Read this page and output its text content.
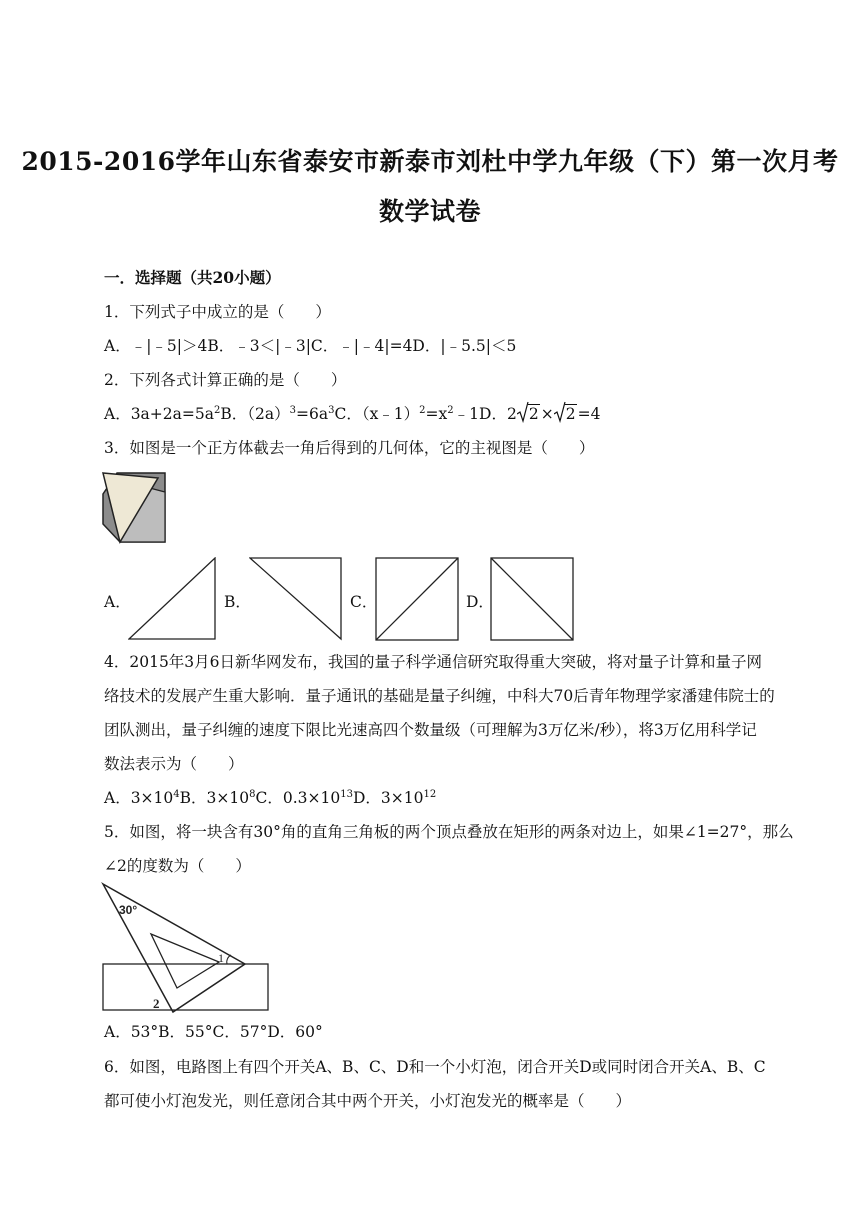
2015-2016学年山东省泰安市新泰市刘杜中学九年级（下）第一次月考
数学试卷
一．选择题（共20小题）
1．下列式子中成立的是（　　）
A．﹣|﹣5|＞4B．﹣3＜|﹣3|C．﹣|﹣4|=4D．|﹣5.5|＜5
2．下列各式计算正确的是（　　）
A．$3a+2a=5a^2B$．$(2a)^3=6a^3C$．$(x﹣1)^2=x^2﹣1D$．2 2 × 2 =4
3．如图是一个正方体截去一角后得到的几何体，它的主视图是（　　）
A．	B．	C．	D．
4．2015年3月6日新华网发布，我国的量子科学通信研究取得重大突破，将对量子计算和量子网
络技术的发展产生重大影响．量子通讯的基础是量子纠缠，中科大70后青年物理学家潘建伟院士的
团队测出，量子纠缠的速度下限比光速高四个数量级（可理解为3万亿米/秒），将3万亿用科学记
数法表示为（　　）
A．$3\times 10^4B$．$3\times 10^8C$．$0.3\times 10^{13}D$．$3\times 10^{12}$
5．如图，将一块含有30°角的直角三角板的两个顶点叠放在矩形的两条对边上，如果∠1=27°，那么
∠2的度数为（　　）
30°
1
2
A．53°B．55°C．57°D．60°
6．如图，电路图上有四个开关A、B、C、D和一个小灯泡，闭合开关D或同时闭合开关A、B、C
都可使小灯泡发光，则任意闭合其中两个开关，小灯泡发光的概率是（　　）
